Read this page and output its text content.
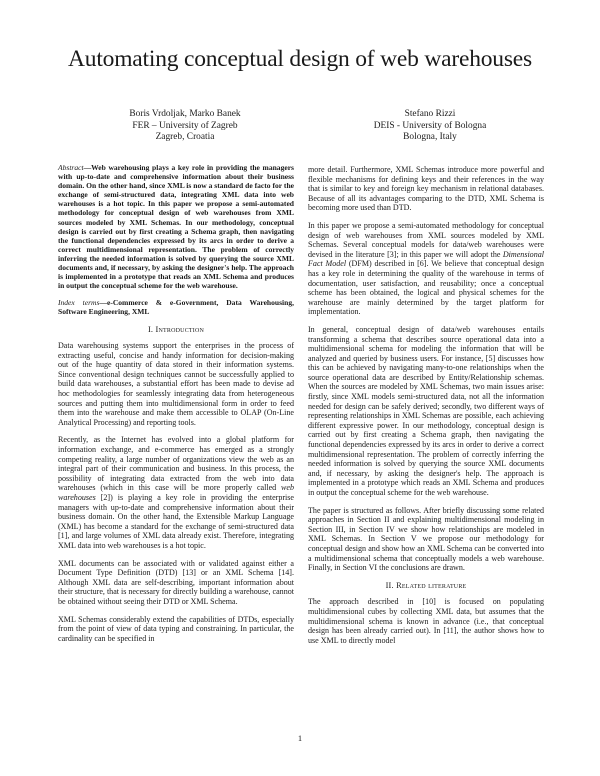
Automating conceptual design of web warehouses
Boris Vrdoljak, Marko Banek
FER – University of Zagreb
Zagreb, Croatia
Stefano Rizzi
DEIS - University of Bologna
Bologna, Italy

Abstract—Web warehousing plays a key role in providing the managers with up-to-date and comprehensive information about their business domain. On the other hand, since XML is now a standard de facto for the exchange of semi-structured data, integrating XML data into web warehouses is a hot topic. In this paper we propose a semi-automated methodology for conceptual design of web warehouses from XML sources modeled by XML Schemas. In our methodology, conceptual design is carried out by first creating a Schema graph, then navigating the functional dependencies expressed by its arcs in order to derive a correct multidimensional representation. The problem of correctly inferring the needed information is solved by querying the source XML documents and, if necessary, by asking the designer's help. The approach is implemented in a prototype that reads an XML Schema and produces in output the conceptual scheme for the web warehouse.

Index terms—e-Commerce & e-Government, Data Warehousing, Software Engineering, XML

I. Introduction

Data warehousing systems support the enterprises in the process of extracting useful, concise and handy information for decision-making out of the huge quantity of data stored in their information systems. Since conventional design techniques cannot be successfully applied to build data warehouses, a substantial effort has been made to devise ad hoc methodologies for seamlessly integrating data from heterogeneous sources and putting them into multidimensional form in order to feed them into the warehouse and make them accessible to OLAP (On-Line Analytical Processing) and reporting tools.

Recently, as the Internet has evolved into a global platform for information exchange, and e-commerce has emerged as a strongly competing reality, a large number of organizations view the web as an integral part of their communication and business. In this process, the possibility of integrating data extracted from the web into data warehouses (which in this case will be more properly called web warehouses [2]) is playing a key role in providing the enterprise managers with up-to-date and comprehensive information about their business domain. On the other hand, the Extensible Markup Language (XML) has become a standard for the exchange of semi-structured data [1], and large volumes of XML data already exist. Therefore, integrating XML data into web warehouses is a hot topic.

XML documents can be associated with or validated against either a Document Type Definition (DTD) [13] or an XML Schema [14]. Although XML data are self-describing, important information about their structure, that is necessary for directly building a warehouse, cannot be obtained without seeing their DTD or XML Schema.

XML Schemas considerably extend the capabilities of DTDs, especially from the point of view of data typing and constraining. In particular, the cardinality can be specified in

more detail. Furthermore, XML Schemas introduce more powerful and flexible mechanisms for defining keys and their references in the way that is similar to key and foreign key mechanism in relational databases. Because of all its advantages comparing to the DTD, XML Schema is becoming more used than DTD.

In this paper we propose a semi-automated methodology for conceptual design of web warehouses from XML sources modeled by XML Schemas. Several conceptual models for data/web warehouses were devised in the literature [3]; in this paper we will adopt the Dimensional Fact Model (DFM) described in [6]. We believe that conceptual design has a key role in determining the quality of the warehouse in terms of documentation, user satisfaction, and reusability; once a conceptual scheme has been obtained, the logical and physical schemes for the warehouse are mainly determined by the target platform for implementation.

In general, conceptual design of data/web warehouses entails transforming a schema that describes source operational data into a multidimensional schema for modeling the information that will be analyzed and queried by business users. For instance, [5] discusses how this can be achieved by navigating many-to-one relationships when the source operational data are described by Entity/Relationship schemas. When the sources are modeled by XML Schemas, two main issues arise: firstly, since XML models semi-structured data, not all the information needed for design can be safely derived; secondly, two different ways of representing relationships in XML Schemas are possible, each achieving different expressive power. In our methodology, conceptual design is carried out by first creating a Schema graph, then navigating the functional dependencies expressed by its arcs in order to derive a correct multidimensional representation. The problem of correctly inferring the needed information is solved by querying the source XML documents and, if necessary, by asking the designer's help. The approach is implemented in a prototype which reads an XML Schema and produces in output the conceptual scheme for the web warehouse.

The paper is structured as follows. After briefly discussing some related approaches in Section II and explaining multidimensional modeling in Section III, in Section IV we show how relationships are modeled in XML Schemas. In Section V we propose our methodology for conceptual design and show how an XML Schema can be converted into a multidimensional schema that conceptually models a web warehouse. Finally, in Section VI the conclusions are drawn.

II. Related literature

The approach described in [10] is focused on populating multidimensional cubes by collecting XML data, but assumes that the multidimensional schema is known in advance (i.e., that conceptual design has been already carried out). In [11], the author shows how to use XML to directly model

1
